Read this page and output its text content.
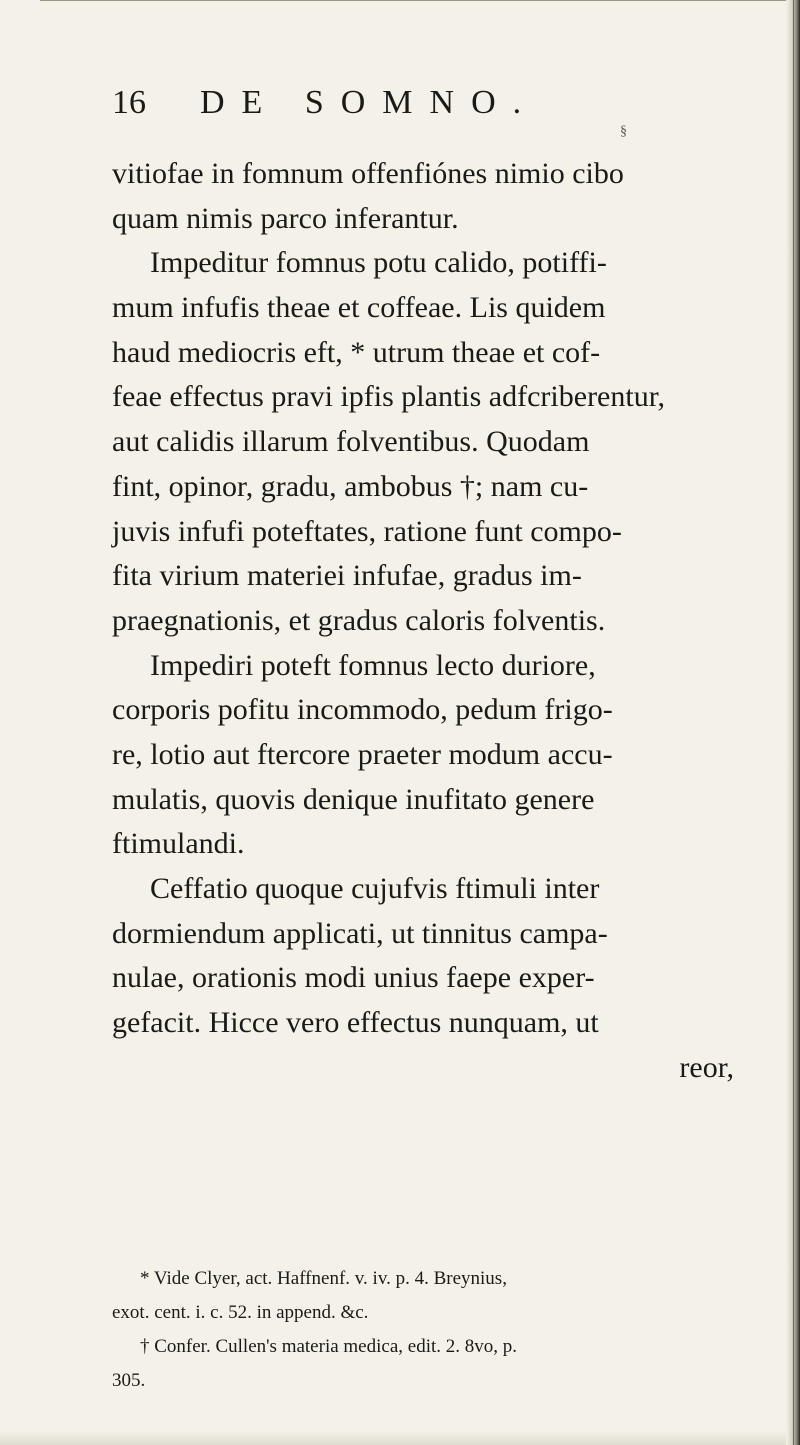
16 DE SOMNO.
§
vitiofae in fomnum offenfiónes nimio cibo
quam nimis parco inferantur.
Impeditur fomnus potu calido, potiffi-
mum infufis theae et coffeae. Lis quidem
haud mediocris eft, * utrum theae et cof-
feae effectus pravi ipfis plantis adfcriberentur,
aut calidis illarum folventibus. Quodam
fint, opinor, gradu, ambobus †; nam cu-
juvis infufi poteftates, ratione funt compo-
fita virium materiei infufae, gradus im-
praegnationis, et gradus caloris folventis.
Impediri poteft fomnus lecto duriore,
corporis pofitu incommodo, pedum frigo-
re, lotio aut ftercore praeter modum accu-
mulatis, quovis denique inufitato genere
ftimulandi.
Ceffatio quoque cujufvis ftimuli inter
dormiendum applicati, ut tinnitus campa-
nulae, orationis modi unius faepe exper-
gefacit. Hicce vero effectus nunquam, ut
reor,
* Vide Clyer, act. Haffnenf. v. iv. p. 4. Breynius,
exot. cent. i. c. 52. in append. &c.
† Confer. Cullen's materia medica, edit. 2. 8vo, p.
305.
